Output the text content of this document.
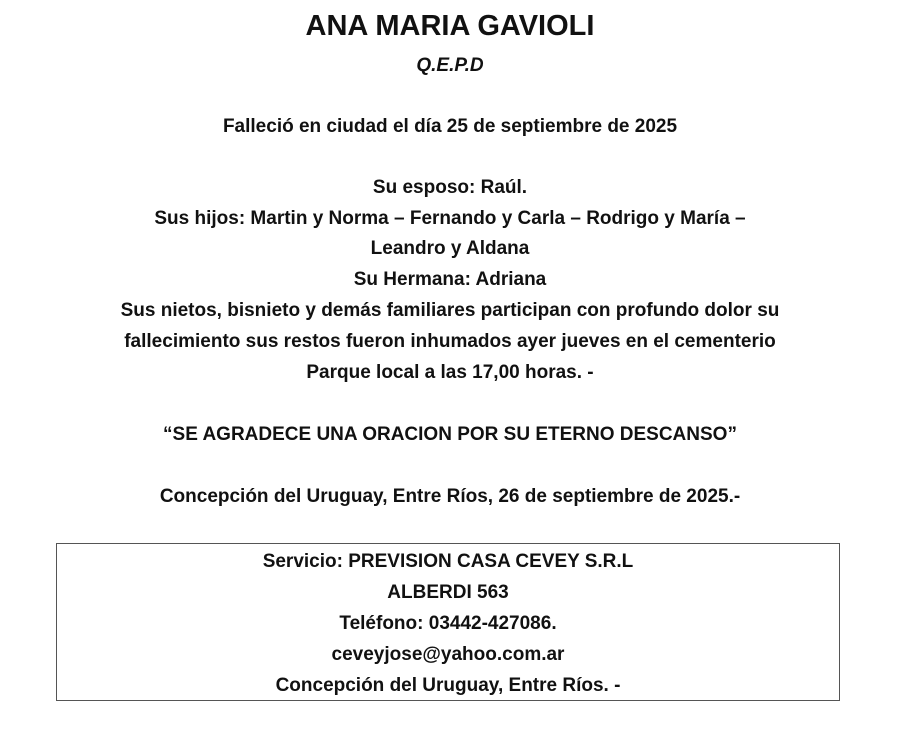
ANA MARIA GAVIOLI
Q.E.P.D
Falleció en ciudad el día 25 de septiembre de 2025
Su esposo: Raúl.
Sus hijos: Martin y Norma – Fernando y Carla – Rodrigo y María –
Leandro y Aldana
Su Hermana: Adriana
Sus nietos, bisnieto y demás familiares participan con profundo dolor su
fallecimiento sus restos fueron inhumados ayer jueves en el cementerio
Parque local a las 17,00 horas. -
“SE AGRADECE UNA ORACION POR SU ETERNO DESCANSO”
Concepción del Uruguay, Entre Ríos, 26 de septiembre de 2025.-
Servicio: PREVISION CASA CEVEY S.R.L
ALBERDI 563
Teléfono: 03442-427086.
ceveyjose@yahoo.com.ar
Concepción del Uruguay, Entre Ríos. -
